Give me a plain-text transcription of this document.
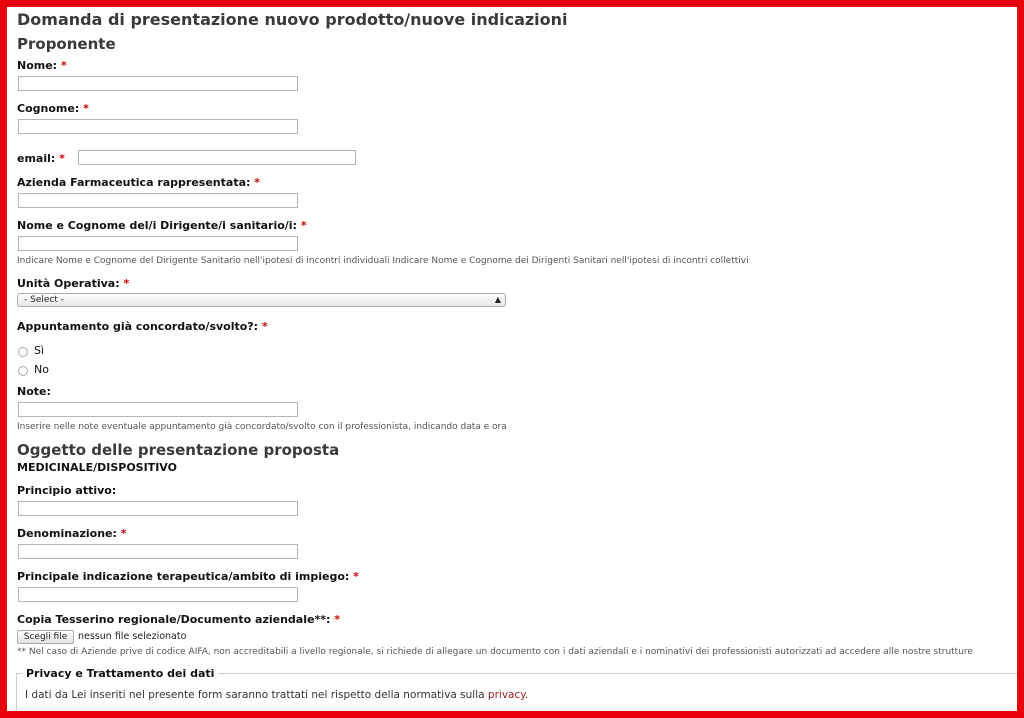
Domanda di presentazione nuovo prodotto/nuove indicazioni
Proponente
Nome: *
Cognome: *
email: *
Azienda Farmaceutica rappresentata: *
Nome e Cognome del/i Dirigente/i sanitario/i: *
Indicare Nome e Cognome del Dirigente Sanitario nell'ipotesi di incontri individuali Indicare Nome e Cognome dei Dirigenti Sanitari nell'ipotesi di incontri collettivi
Unità Operativa: *
- Select -	▲︎

Appuntamento già concordato/svolto?: *
Sì
No
Note:
Inserire nelle note eventuale appuntamento già concordato/svolto con il professionista, indicando data e ora
Oggetto delle presentazione proposta
MEDICINALE/DISPOSITIVO
Principio attivo:
Denominazione: *
Principale indicazione terapeutica/ambito di impiego: *
Copia Tesserino regionale/Documento aziendale**: *
Scegli file	nessun file selezionato
** Nel caso di Aziende prive di codice AIFA, non accreditabili a livello regionale, si richiede di allegare un documento con i dati aziendali e i nominativi dei professionisti autorizzati ad accedere alle nostre strutture
Privacy e Trattamento dei dati
I dati da Lei inseriti nel presente form saranno trattati nel rispetto della normativa sulla privacy.
